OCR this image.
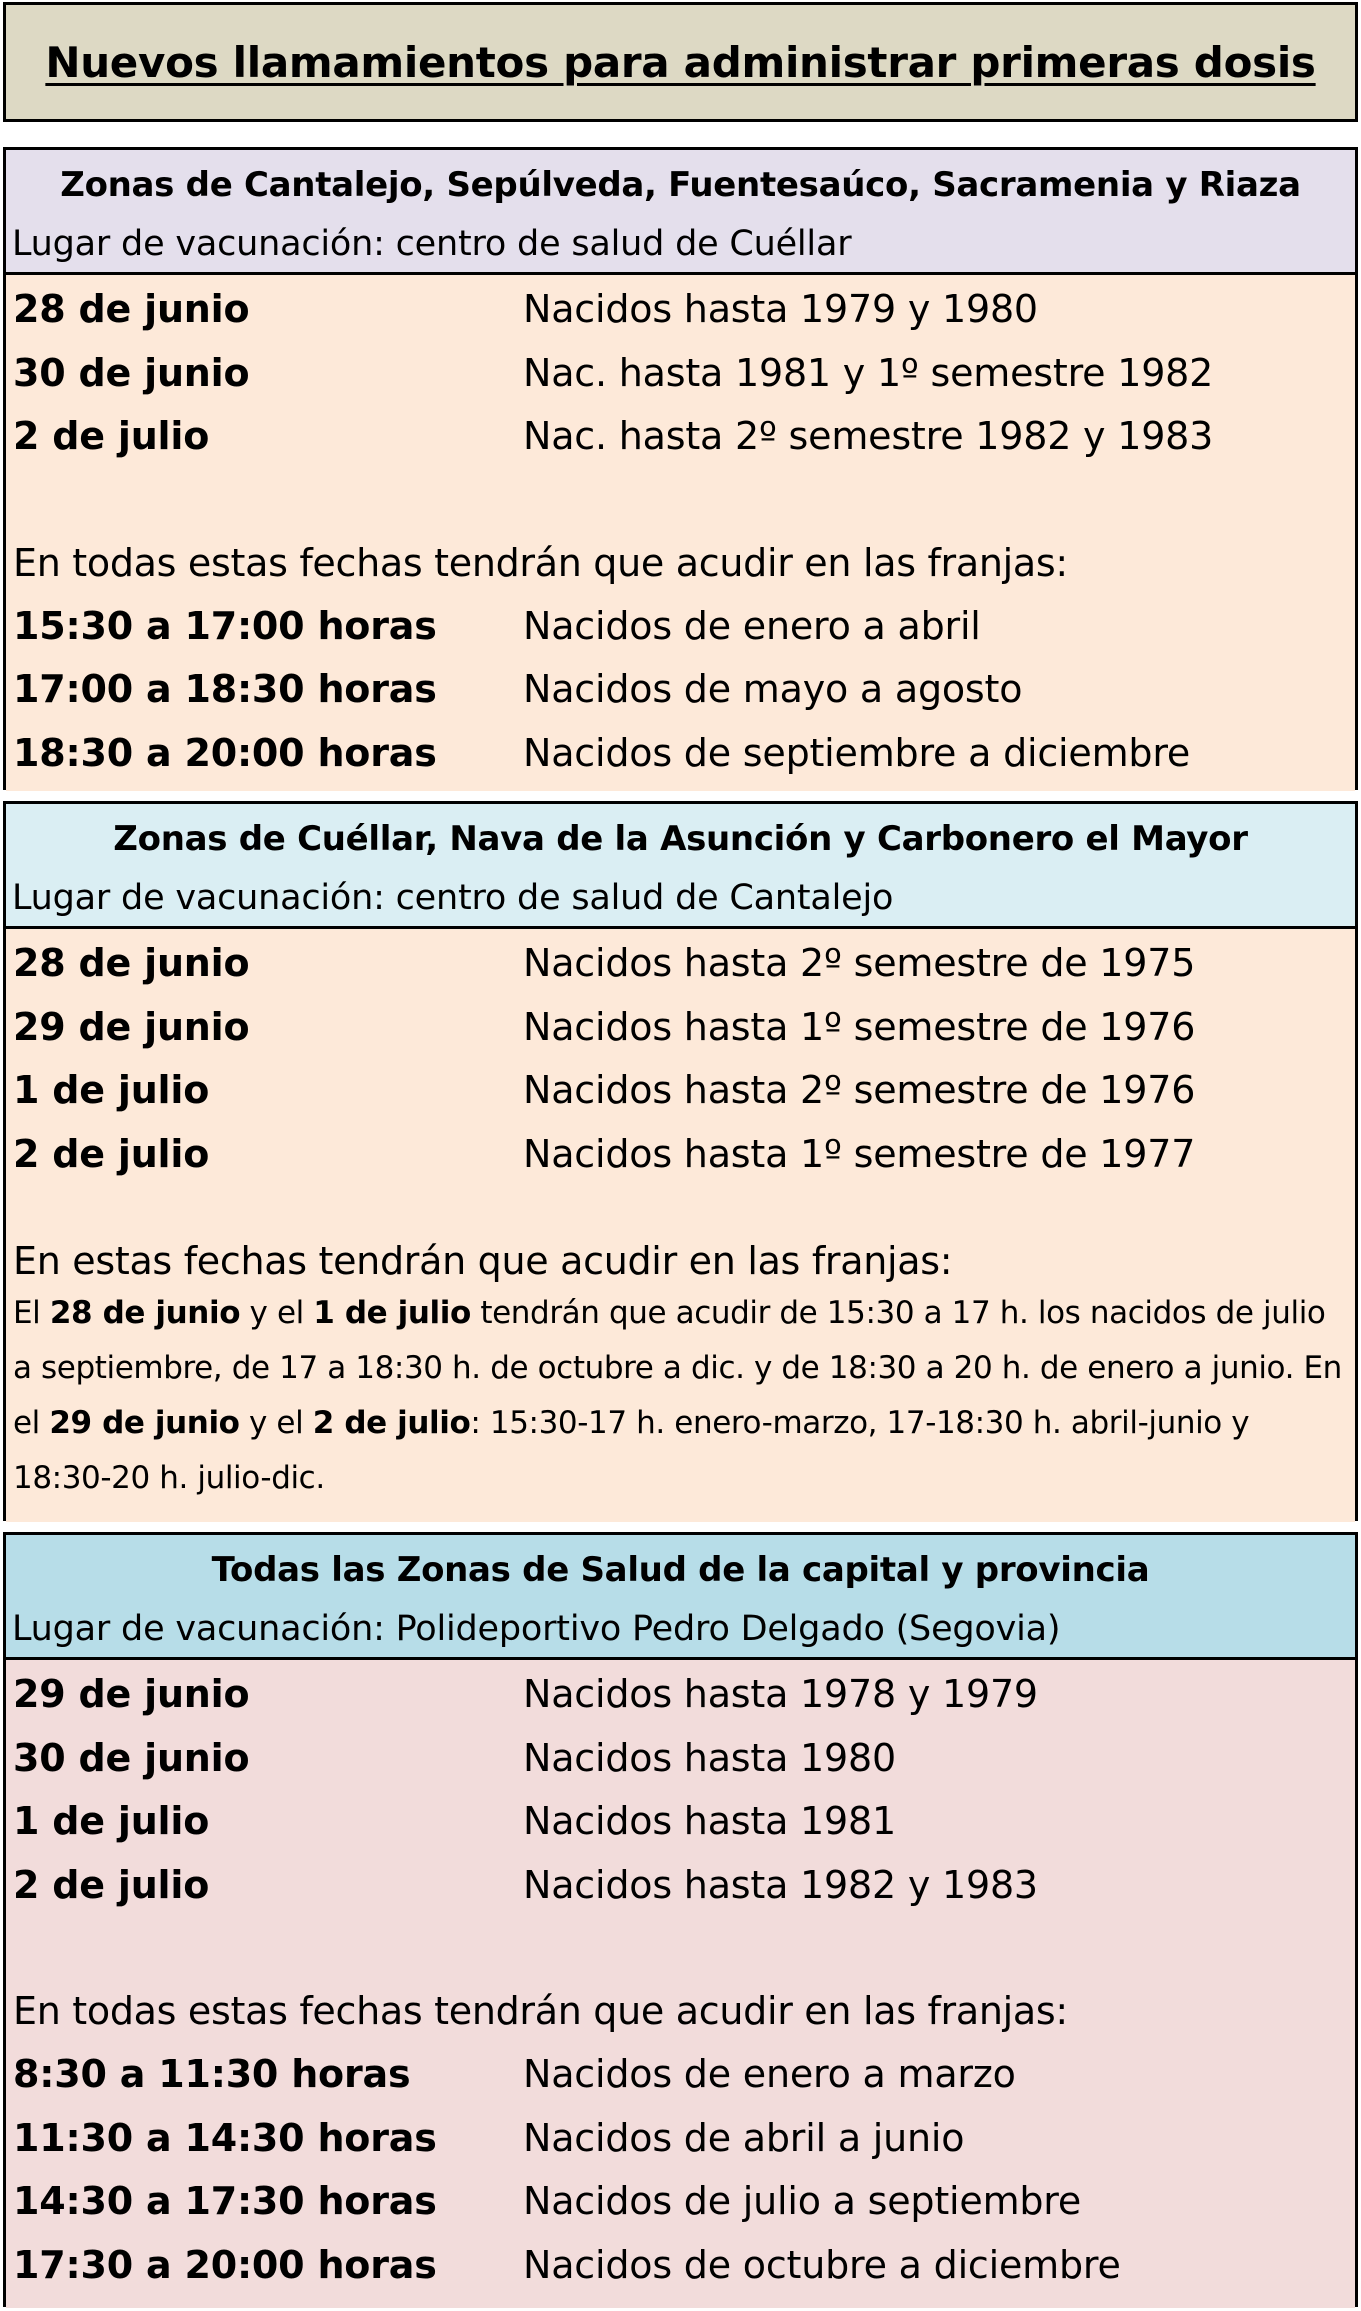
Nuevos llamamientos para administrar primeras dosis
Zonas de Cantalejo, Sepúlveda, Fuentesaúco, Sacramenia y Riaza
Lugar de vacunación: centro de salud de Cuéllar
28 de junio	Nacidos hasta 1979 y 1980
30 de junio	Nac. hasta 1981 y 1º semestre 1982
2 de julio	Nac. hasta 2º semestre 1982 y 1983
En todas estas fechas tendrán que acudir en las franjas:
15:30 a 17:00 horas Nacidos de enero a abril
17:00 a 18:30 horas Nacidos de mayo a agosto
18:30 a 20:00 horas Nacidos de septiembre a diciembre
Zonas de Cuéllar, Nava de la Asunción y Carbonero el Mayor
Lugar de vacunación: centro de salud de Cantalejo
28 de junio	Nacidos hasta 2º semestre de 1975
29 de junio	Nacidos hasta 1º semestre de 1976
1 de julio	Nacidos hasta 2º semestre de 1976
2 de julio	Nacidos hasta 1º semestre de 1977
En estas fechas tendrán que acudir en las franjas:
El 28 de junio y el 1 de julio tendrán que acudir de 15:30 a 17 h. los nacidos de julio a septiembre, de 17 a 18:30 h. de octubre a dic. y de 18:30 a 20 h. de enero a junio. En el 29 de junio y el 2 de julio: 15:30-17 h. enero-marzo, 17-18:30 h. abril-junio y 18:30-20 h. julio-dic.
Todas las Zonas de Salud de la capital y provincia
Lugar de vacunación: Polideportivo Pedro Delgado (Segovia)
29 de junio	Nacidos hasta 1978 y 1979
30 de junio	Nacidos hasta 1980
1 de julio	Nacidos hasta 1981
2 de julio	Nacidos hasta 1982 y 1983
En todas estas fechas tendrán que acudir en las franjas:
8:30 a 11:30 horas	Nacidos de enero a marzo
11:30 a 14:30 horas Nacidos de abril a junio
14:30 a 17:30 horas Nacidos de julio a septiembre
17:30 a 20:00 horas Nacidos de octubre a diciembre
